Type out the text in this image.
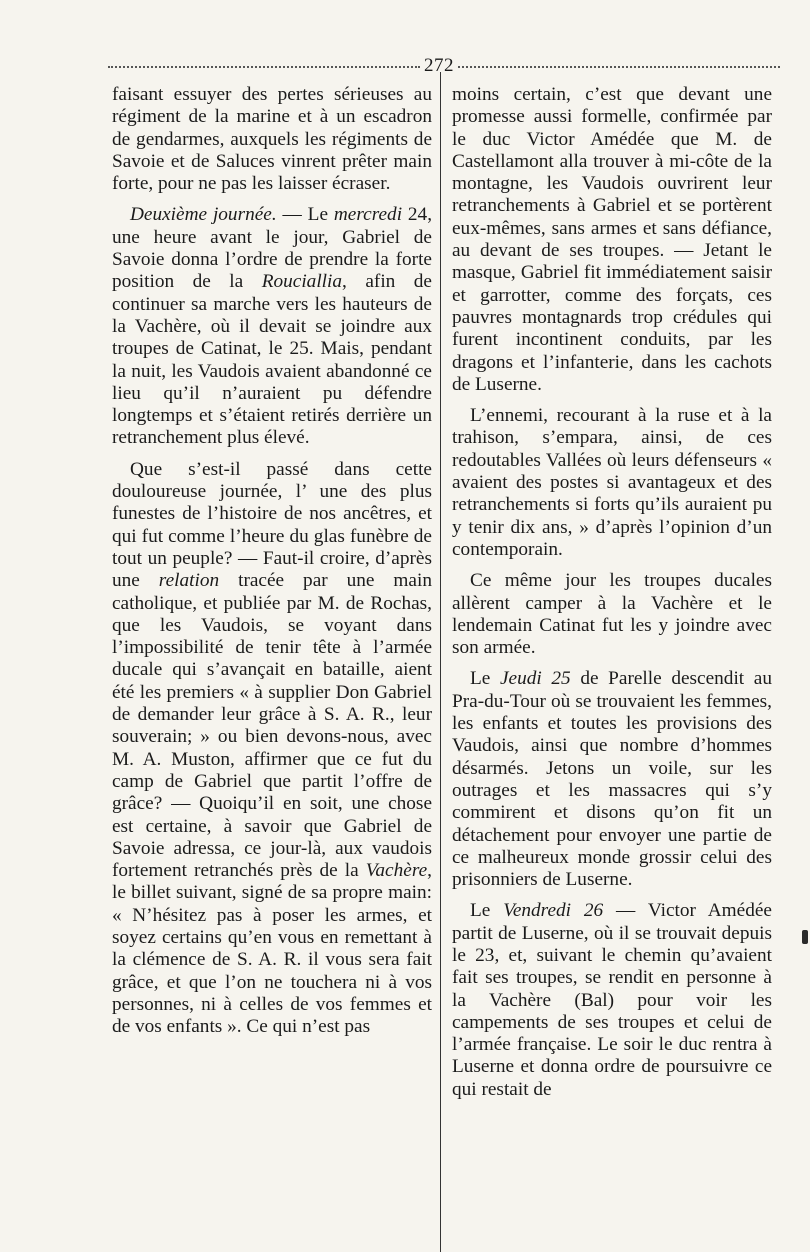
272

faisant essuyer des pertes sérieuses au régiment de la marine et à un escadron de gendarmes, auxquels les régiments de Savoie et de Saluces vinrent prêter main forte, pour ne pas les laisser écraser.

Deuxième journée. — Le mercredi 24, une heure avant le jour, Gabriel de Savoie donna l’ordre de prendre la forte position de la Rouciallia, afin de continuer sa marche vers les hauteurs de la Vachère, où il devait se joindre aux troupes de Catinat, le 25. Mais, pendant la nuit, les Vaudois avaient abandonné ce lieu qu’il n’auraient pu défendre longtemps et s’étaient retirés derrière un retranchement plus élevé.

Que s’est-il passé dans cette douloureuse journée, l’ une des plus funestes de l’histoire de nos ancêtres, et qui fut comme l’heure du glas funèbre de tout un peuple? — Faut-il croire, d’après une relation tracée par une main catholique, et publiée par M. de Rochas, que les Vaudois, se voyant dans l’impossibilité de tenir tête à l’armée ducale qui s’avançait en bataille, aient été les premiers « à supplier Don Gabriel de demander leur grâce à S. A. R., leur souverain; » ou bien devons-nous, avec M. A. Muston, affirmer que ce fut du camp de Gabriel que partit l’offre de grâce? — Quoiqu’il en soit, une chose est certaine, à savoir que Gabriel de Savoie adressa, ce jour-là, aux vaudois fortement retranchés près de la Vachère, le billet suivant, signé de sa propre main: « N’hésitez pas à poser les armes, et soyez certains qu’en vous en remettant à la clémence de S. A. R. il vous sera fait grâce, et que l’on ne touchera ni à vos personnes, ni à celles de vos femmes et de vos enfants ». Ce qui n’est pas

moins certain, c’est que devant une promesse aussi formelle, confirmée par le duc Victor Amédée que M. de Castellamont alla trouver à mi-côte de la montagne, les Vaudois ouvrirent leur retranchements à Gabriel et se portèrent eux-mêmes, sans armes et sans défiance, au devant de ses troupes. — Jetant le masque, Gabriel fit immédiatement saisir et garrotter, comme des forçats, ces pauvres montagnards trop crédules qui furent incontinent conduits, par les dragons et l’infanterie, dans les cachots de Luserne.

L’ennemi, recourant à la ruse et à la trahison, s’empara, ainsi, de ces redoutables Vallées où leurs défenseurs « avaient des postes si avantageux et des retranchements si forts qu’ils auraient pu y tenir dix ans, » d’après l’opinion d’un contemporain.

Ce même jour les troupes ducales allèrent camper à la Vachère et le lendemain Catinat fut les y joindre avec son armée.

Le Jeudi 25 de Parelle descendit au Pra-du-Tour où se trouvaient les femmes, les enfants et toutes les provisions des Vaudois, ainsi que nombre d’hommes désarmés. Jetons un voile, sur les outrages et les massacres qui s’y commirent et disons qu’on fit un détachement pour envoyer une partie de ce malheureux monde grossir celui des prisonniers de Luserne.

Le Vendredi 26 — Victor Amédée partit de Luserne, où il se trouvait depuis le 23, et, suivant le chemin qu’avaient fait ses troupes, se rendit en personne à la Vachère (Bal) pour voir les campements de ses troupes et celui de l’armée française. Le soir le duc rentra à Luserne et donna ordre de poursuivre ce qui restait de
